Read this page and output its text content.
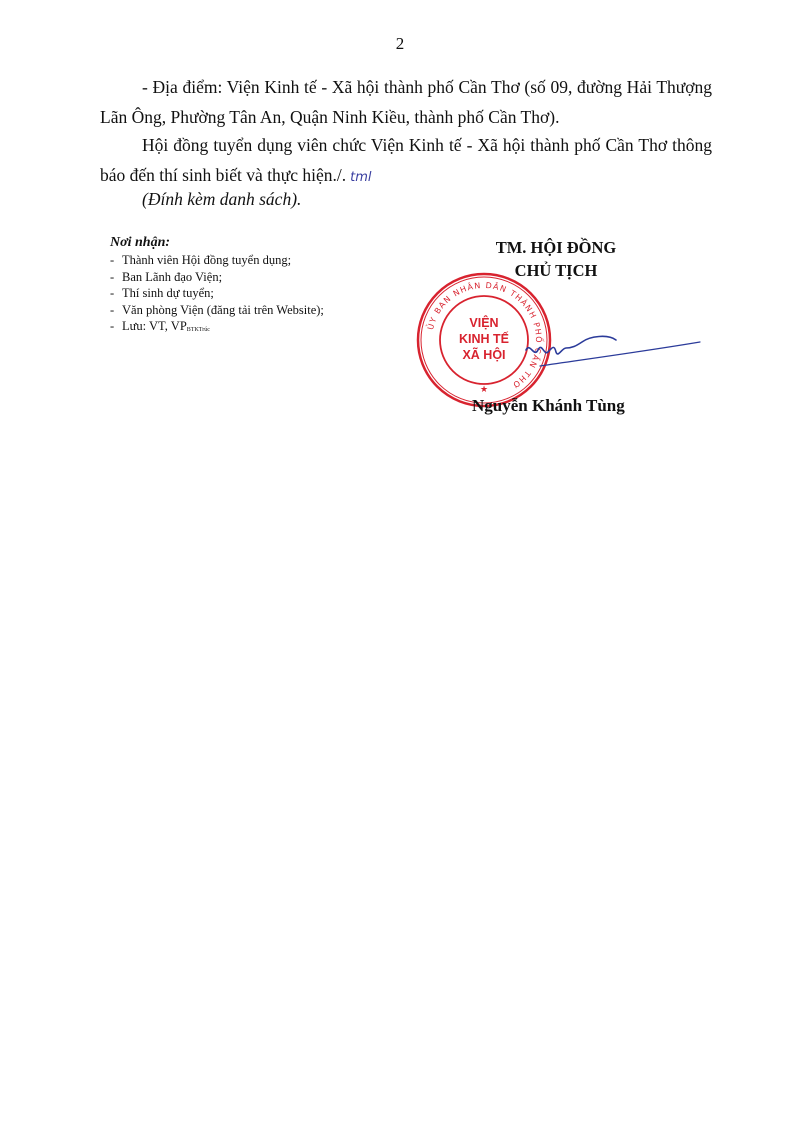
2

- Địa điểm: Viện Kinh tế - Xã hội thành phố Cần Thơ (số 09, đường Hải Thượng Lãn Ông, Phường Tân An, Quận Ninh Kiều, thành phố Cần Thơ).

Hội đồng tuyển dụng viên chức Viện Kinh tế - Xã hội thành phố Cần Thơ thông báo đến thí sinh biết và thực hiện./. tml

(Đính kèm danh sách).

Nơi nhận:
- Thành viên Hội đồng tuyển dụng;
- Ban Lãnh đạo Viện;
- Thí sinh dự tuyển;
- Văn phòng Viện (đăng tải trên Website);
- Lưu: VT, VPBTKTrúc
TM. HỘI ĐỒNG
CHỦ TỊCH
ỦY BAN NHÂN DÂN THÀNH PHỐ CẦN THƠ
VIỆN
KINH TẾ
XÃ HỘI
★
Nguyễn Khánh Tùng
